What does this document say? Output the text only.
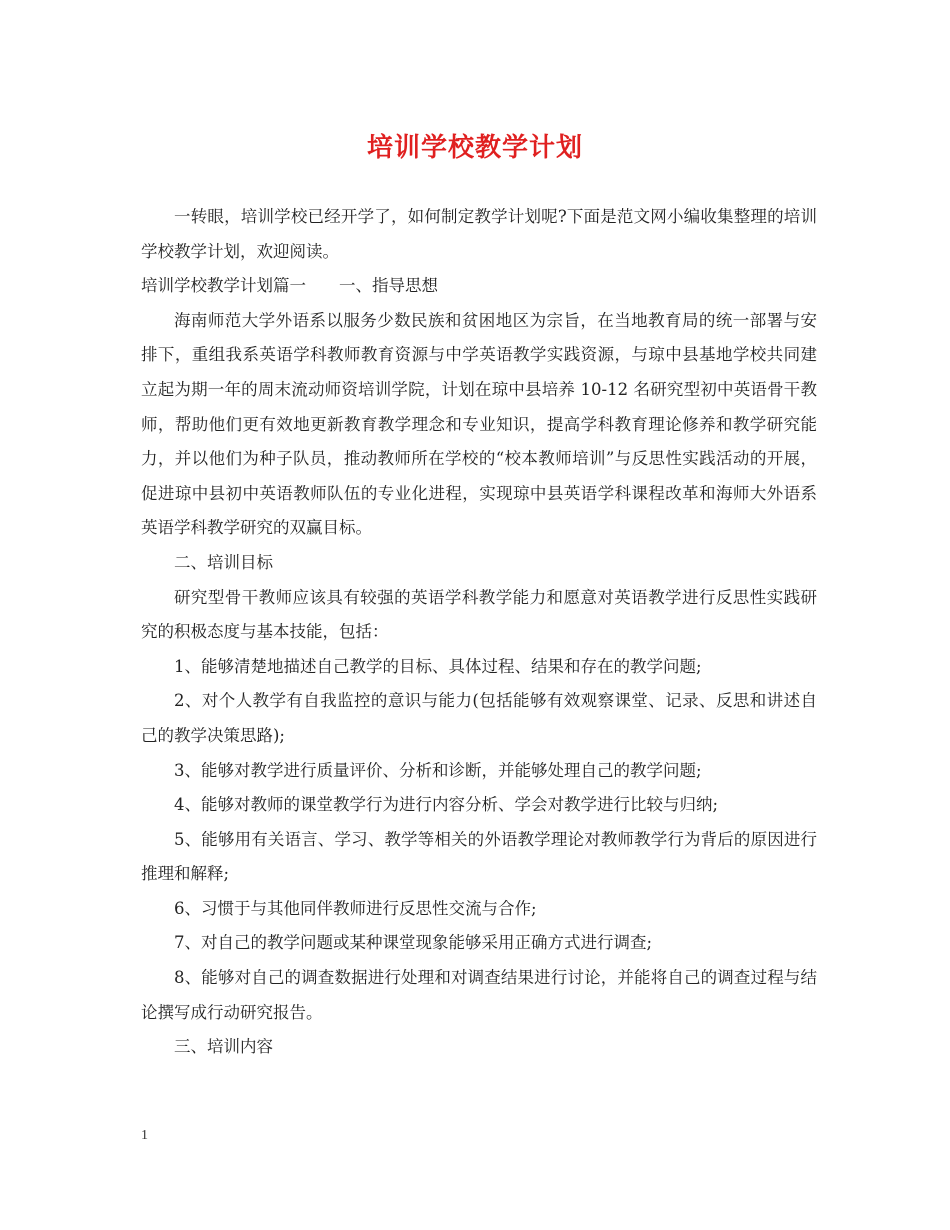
培训学校教学计划

一转眼，培训学校已经开学了，如何制定教学计划呢?下面是范文网小编收集整理的培训学校教学计划，欢迎阅读。

培训学校教学计划篇一　　一、指导思想

海南师范大学外语系以服务少数民族和贫困地区为宗旨，在当地教育局的统一部署与安排下，重组我系英语学科教师教育资源与中学英语教学实践资源，与琼中县基地学校共同建立起为期一年的周末流动师资培训学院，计划在琼中县培养 10-12 名研究型初中英语骨干教师，帮助他们更有效地更新教育教学理念和专业知识，提高学科教育理论修养和教学研究能力，并以他们为种子队员，推动教师所在学校的“校本教师培训”与反思性实践活动的开展，促进琼中县初中英语教师队伍的专业化进程，实现琼中县英语学科课程改革和海师大外语系英语学科教学研究的双赢目标。

二、培训目标

研究型骨干教师应该具有较强的英语学科教学能力和愿意对英语教学进行反思性实践研究的积极态度与基本技能，包括：

1、能够清楚地描述自己教学的目标、具体过程、结果和存在的教学问题;

2、对个人教学有自我监控的意识与能力(包括能够有效观察课堂、记录、反思和讲述自己的教学决策思路);

3、能够对教学进行质量评价、分析和诊断，并能够处理自己的教学问题;

4、能够对教师的课堂教学行为进行内容分析、学会对教学进行比较与归纳;

5、能够用有关语言、学习、教学等相关的外语教学理论对教师教学行为背后的原因进行推理和解释;

6、习惯于与其他同伴教师进行反思性交流与合作;

7、对自己的教学问题或某种课堂现象能够采用正确方式进行调查;

8、能够对自己的调查数据进行处理和对调查结果进行讨论，并能将自己的调查过程与结论撰写成行动研究报告。

三、培训内容

1
